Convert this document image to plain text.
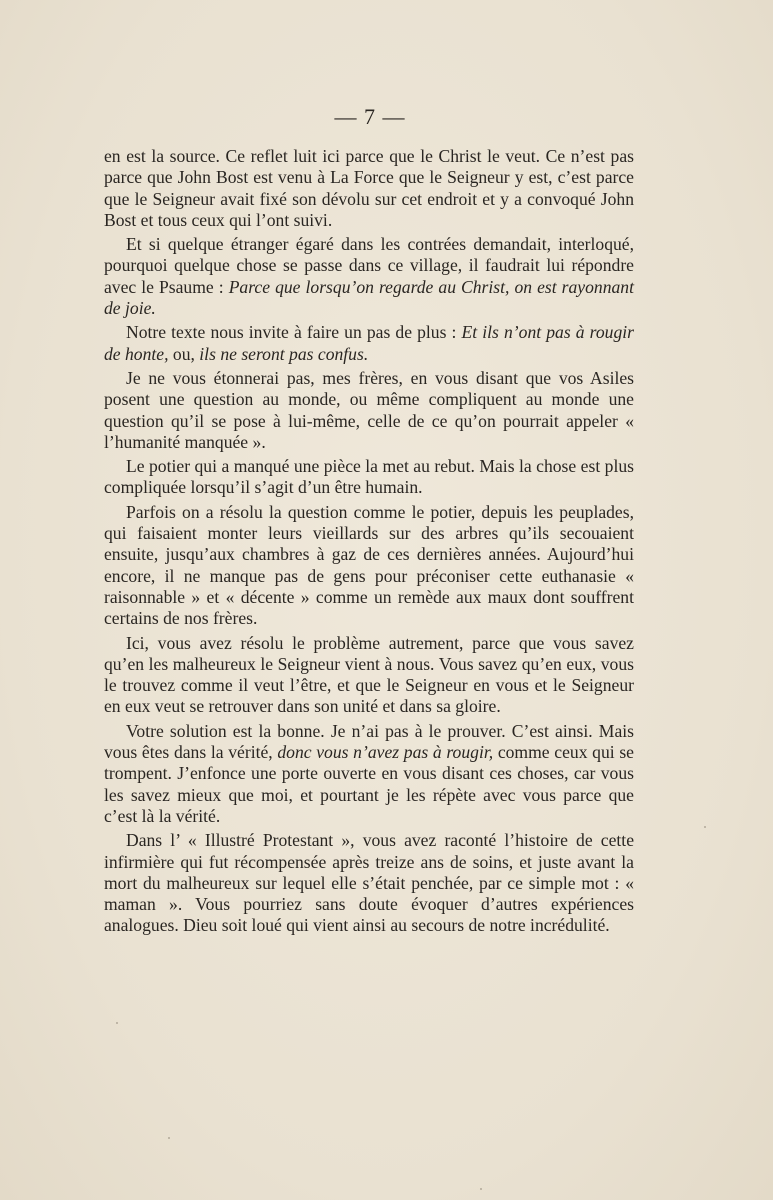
— 7 —

en est la source. Ce reflet luit ici parce que le Christ le veut. Ce n’est pas parce que John Bost est venu à La Force que le Seigneur y est, c’est parce que le Seigneur avait fixé son dévolu sur cet endroit et y a convoqué John Bost et tous ceux qui l’ont suivi.

Et si quelque étranger égaré dans les contrées demandait, interloqué, pourquoi quelque chose se passe dans ce village, il faudrait lui répondre avec le Psaume : Parce que lorsqu’on regarde au Christ, on est rayonnant de joie.

Notre texte nous invite à faire un pas de plus : Et ils n’ont pas à rougir de honte, ou, ils ne seront pas confus.

Je ne vous étonnerai pas, mes frères, en vous disant que vos Asiles posent une question au monde, ou même compliquent au monde une question qu’il se pose à lui-même, celle de ce qu’on pourrait appeler « l’humanité manquée ».

Le potier qui a manqué une pièce la met au rebut. Mais la chose est plus compliquée lorsqu’il s’agit d’un être humain.

Parfois on a résolu la question comme le potier, depuis les peuplades, qui faisaient monter leurs vieillards sur des arbres qu’ils secouaient ensuite, jusqu’aux chambres à gaz de ces dernières années. Aujourd’hui encore, il ne manque pas de gens pour préconiser cette euthanasie « raisonnable » et « décente » comme un remède aux maux dont souffrent certains de nos frères.

Ici, vous avez résolu le problème autrement, parce que vous savez qu’en les malheureux le Seigneur vient à nous. Vous savez qu’en eux, vous le trouvez comme il veut l’être, et que le Seigneur en vous et le Seigneur en eux veut se retrouver dans son unité et dans sa gloire.

Votre solution est la bonne. Je n’ai pas à le prouver. C’est ainsi. Mais vous êtes dans la vérité, donc vous n’avez pas à rougir, comme ceux qui se trompent. J’enfonce une porte ouverte en vous disant ces choses, car vous les savez mieux que moi, et pourtant je les répète avec vous parce que c’est là la vérité.

Dans l’ « Illustré Protestant », vous avez raconté l’histoire de cette infirmière qui fut récompensée après treize ans de soins, et juste avant la mort du malheureux sur lequel elle s’était penchée, par ce simple mot : « maman ». Vous pourriez sans doute évoquer d’autres expériences analogues. Dieu soit loué qui vient ainsi au secours de notre incrédulité.
